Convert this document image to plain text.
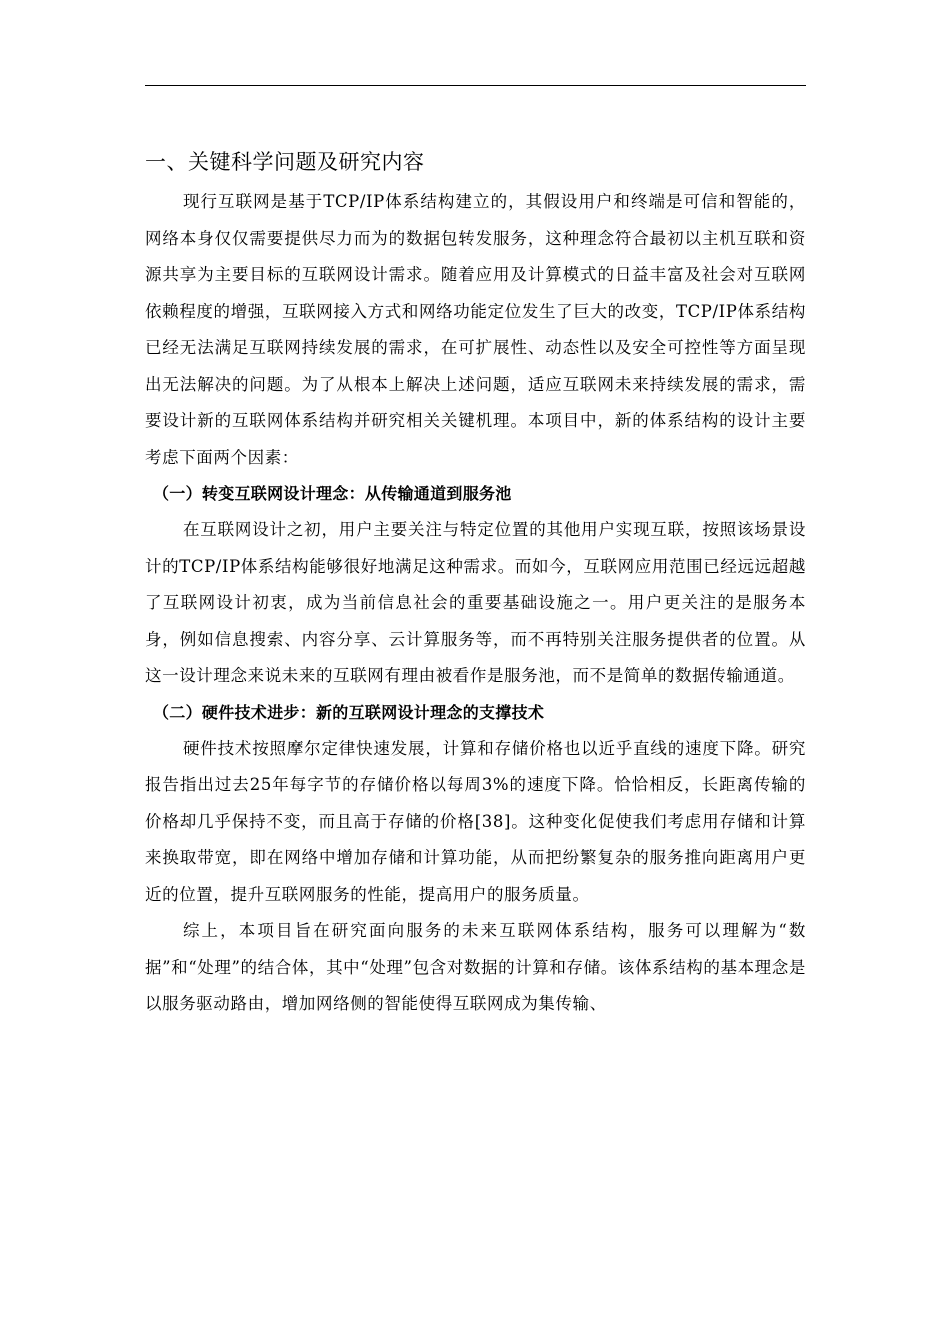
一、关键科学问题及研究内容

现行互联网是基于TCP/IP体系结构建立的，其假设用户和终端是可信和智能的，网络本身仅仅需要提供尽力而为的数据包转发服务，这种理念符合最初以主机互联和资源共享为主要目标的互联网设计需求。随着应用及计算模式的日益丰富及社会对互联网依赖程度的增强，互联网接入方式和网络功能定位发生了巨大的改变，TCP/IP体系结构已经无法满足互联网持续发展的需求，在可扩展性、动态性以及安全可控性等方面呈现出无法解决的问题。为了从根本上解决上述问题，适应互联网未来持续发展的需求，需要设计新的互联网体系结构并研究相关关键机理。本项目中，新的体系结构的设计主要考虑下面两个因素：

（一）转变互联网设计理念：从传输通道到服务池

在互联网设计之初，用户主要关注与特定位置的其他用户实现互联，按照该场景设计的TCP/IP体系结构能够很好地满足这种需求。而如今，互联网应用范围已经远远超越了互联网设计初衷，成为当前信息社会的重要基础设施之一。用户更关注的是服务本身，例如信息搜索、内容分享、云计算服务等，而不再特别关注服务提供者的位置。从这一设计理念来说未来的互联网有理由被看作是服务池，而不是简单的数据传输通道。

（二）硬件技术进步：新的互联网设计理念的支撑技术

硬件技术按照摩尔定律快速发展，计算和存储价格也以近乎直线的速度下降。研究报告指出过去25年每字节的存储价格以每周3%的速度下降。恰恰相反，长距离传输的价格却几乎保持不变，而且高于存储的价格[38]。这种变化促使我们考虑用存储和计算来换取带宽，即在网络中增加存储和计算功能，从而把纷繁复杂的服务推向距离用户更近的位置，提升互联网服务的性能，提高用户的服务质量。

综上，本项目旨在研究面向服务的未来互联网体系结构，服务可以理解为“数据”和“处理”的结合体，其中“处理”包含对数据的计算和存储。该体系结构的基本理念是以服务驱动路由，增加网络侧的智能使得互联网成为集传输、
